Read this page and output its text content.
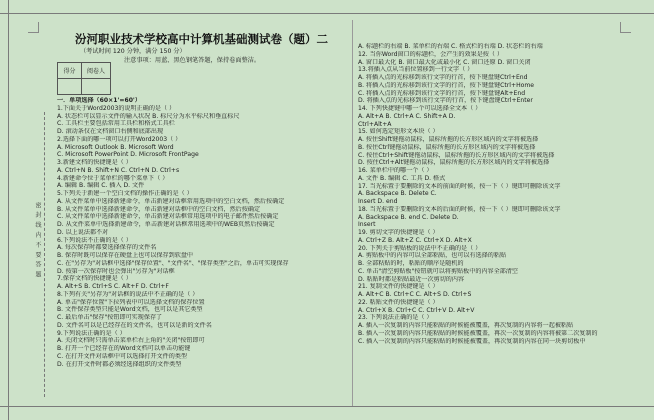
汾河职业技术学校高中计算机基础测试卷（题）二
（考试时间 120 分钟，满分 150 分）
注意事项：用蓝、黑色钢笔答题，保持卷面整洁。
得分	阅卷人

密 封 线 内 不 要 答 题
一．单项选择（60×1'=60'）
1.下面关于Word2003的说明正确的是（ ）
A. 状态栏可以显示文件的输入状况 B. 标尺分为水平标尺和垂直标尺
C. 工具栏主要包括常用工具栏和格式工具栏
D. 滚动条仅在文档窗口右侧和底部出现
2.选择下面的哪一项可以打开Word2003（ ）
A. Microsoft Outlook B. Microsoft Word
C. Microsoft PowerPoint D. Microsoft FrontPage
3.新建文档的快捷键是（ ）
A. Ctrl+N B. Shift+N C. Ctrl+N D. Ctrl+s
4.新建命令位于菜单栏的哪个菜单下（ ）
A. 编辑 B. 编辑 C. 插入 D. 文件
5.下列关于新建一个空白文档的操作正确的是（ ）
A. 从文件菜单中选择新建命令，单击新建对话框常用选项中的空白文档，然后按确定
B. 从文件菜单中选择新建命令，单击新建对话框中的空白文档，然后按确定
C. 从文件菜单中选择新建命令，单击新建对话框常用选项中的电子邮件然后按确定
D. 从文件菜单中选择新建命令，单击新建对话框常用选项中的WEB页然后按确定
D. 以上说法都不对
6.下列说法不正确的是（ ）
A. 每次保存时都要选择保存的文件名
B. 保存时既可以保存在硬盘上也可以保存到软盘中
C. 在"另存为"对话框中选择"保存位置"、"文件名"、"保存类型"之后，单击可实现保存
D. 按第一次保存时也会弹出"另存为"对话框
7.保存文档的快捷键是（ ）
A. Alt+S B. Ctrl+S C. Alt+F D. Ctrl+F
8.下列有关"另存为"对话框的说法中不正确的是（ ）
A. 单击"保存位置"下拉列表中可以选择文档的保存位置
B. 文件保存类型只能是Word文档，也可以是其它类型
C. 最后单击"保存"按钮即可实现保存了
D. 文件名可以是已经存在的文件名，也可以是新的文件名
9.下列说法正确的是（ ）
A. 关闭文档时只需单击菜单栏右上角的"关闭"按钮即可
B. 打开一个已经存在的Word文档可以单击功能键
C. 在打开文件对话框中可以选择打开文件的类型
D. 在打开文件时都必须经选择组织的文件类型
A. 标题栏的右端 B. 菜单栏的右端 C. 格式栏的右端 D. 状态栏的右端
12. 当你Word窗口的标题栏，会产生的效果是按（ ）
A. 窗口最大化 B. 窗口最大化或最小化 C. 窗口还原 D. 窗口关闭
13.将插入点从当前位置移到一行文字（ ）
A. 将插入点的光标移到该行文字的行首，按下键盘键Ctrl+End
B. 将插入点的光标移到该行文字的行首，按下键盘键Ctrl+Home
C. 将插入点的光标移到该行文字的行首，按下键盘键Alt+End
D. 将插入点的光标移到该行文字的行首，按下键盘键Ctrl+Enter
14. 下列快捷键中哪一个可以选择全文本（ ）
A. Alt+A B. Ctrl+A C. Shift+A D.
Ctrl+Alt+A
15. 如何选定矩形文本块（ ）
A. 按住Shift键拖动鼠标，鼠标所拖的长方形区域内的文字将被选择
B. 按住Ctrl键拖动鼠标，鼠标所拖的长方形区域内的文字将被选择
C. 按住Ctrl+Shift键拖动鼠标，鼠标所拖的长方形区域内的文字将被选择
D. 按住Ctrl+Alt键拖动鼠标，鼠标所拖的长方形区域内的文字将被选择
16. 菜单栏中的哪一个（ ）
A. 文件 B. 编辑 C. 工具 D. 格式
17. 当光标置于要删除的文本的前面的时候，按一下（ ）键即可删除该文字
A. Backspace B. Delete C.
Insert D. end
18. 当光标置于要删除的文本的后面的时候，按一下（ ）键即可删除该文字
A. Backspace B. end C. Delete D.
Insert
19. 剪切文字的快捷键是（ ）
A. Ctrl+Z B. Alt+Z C. Ctrl+X D. Alt+X
20. 下列关于剪贴板的说法中不正确的是（ ）
A. 剪贴板中的内容可以全部粘贴，也可以有选择的粘贴
B. 全部粘贴的时，粘贴的顺序是随机的
C. 单击"清空剪贴板"按钮就可以将剪贴板中的内容全部清空
D. 粘贴时都是粘贴最近一次剪切的内容
21. 复制文件的快捷键是（ ）
A. Alt+C B. Ctrl+C C. Alt+S D. Ctrl+S
22. 粘贴文件的快捷键是（ ）
A. Ctrl+X B. Ctrl+C C. Ctrl+V D. Alt+V
23. 下列说法正确的是（ ）
A. 插入一次复制的内容只能粘贴的时候能被覆盖，再次复制的内容将一起被粘贴
B. 插入一次复制的内容只能粘贴的时候能被覆盖，再次一次复制的内容将被第二次复制的
C. 插入一次复制的内容只能粘贴的时候能被覆盖，再次复制的内容在同一块剪切板中
